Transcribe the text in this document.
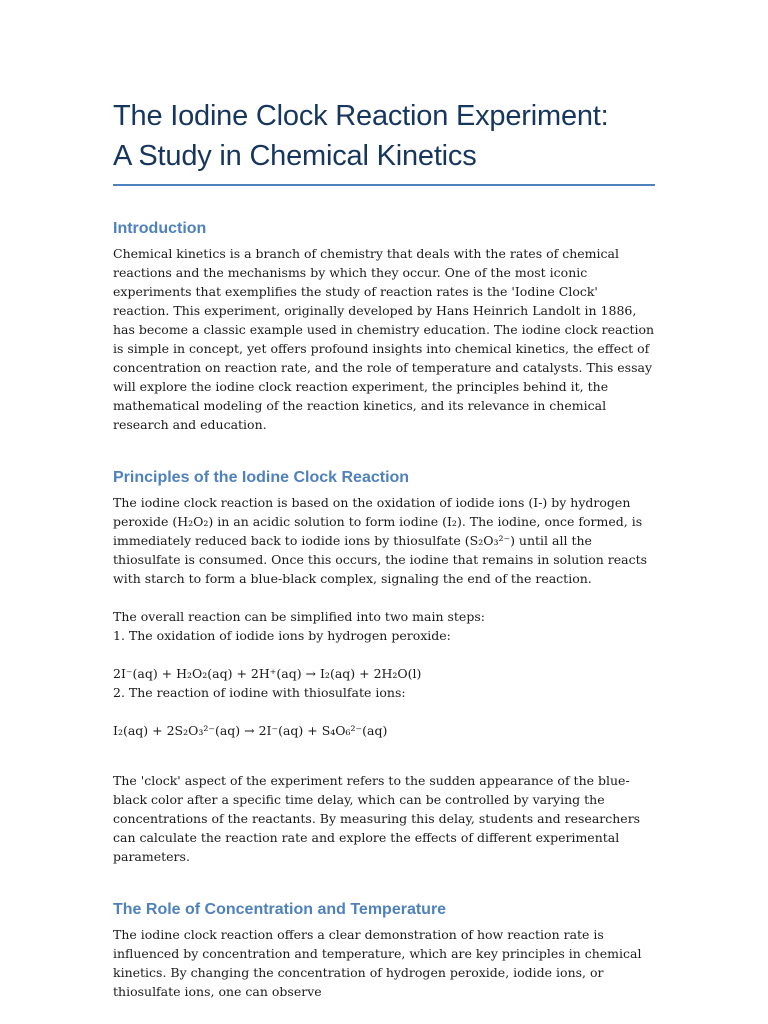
The Iodine Clock Reaction Experiment:
A Study in Chemical Kinetics
Introduction

Chemical kinetics is a branch of chemistry that deals with the rates of chemical reactions and the mechanisms by which they occur. One of the most iconic experiments that exemplifies the study of reaction rates is the 'Iodine Clock' reaction. This experiment, originally developed by Hans Heinrich Landolt in 1886, has become a classic example used in chemistry education. The iodine clock reaction is simple in concept, yet offers profound insights into chemical kinetics, the effect of concentration on reaction rate, and the role of temperature and catalysts. This essay will explore the iodine clock reaction experiment, the principles behind it, the mathematical modeling of the reaction kinetics, and its relevance in chemical research and education.

Principles of the Iodine Clock Reaction

The iodine clock reaction is based on the oxidation of iodide ions (I-) by hydrogen peroxide (H₂O₂) in an acidic solution to form iodine (I₂). The iodine, once formed, is immediately reduced back to iodide ions by thiosulfate (S₂O₃²⁻) until all the thiosulfate is consumed. Once this occurs, the iodine that remains in solution reacts with starch to form a blue-black complex, signaling the end of the reaction.

The overall reaction can be simplified into two main steps:

1. The oxidation of iodide ions by hydrogen peroxide:

2I⁻(aq) + H₂O₂(aq) + 2H⁺(aq) → I₂(aq) + 2H₂O(l)

2. The reaction of iodine with thiosulfate ions:

I₂(aq) + 2S₂O₃²⁻(aq) → 2I⁻(aq) + S₄O₆²⁻(aq)

The 'clock' aspect of the experiment refers to the sudden appearance of the blue-black color after a specific time delay, which can be controlled by varying the concentrations of the reactants. By measuring this delay, students and researchers can calculate the reaction rate and explore the effects of different experimental parameters.

The Role of Concentration and Temperature

The iodine clock reaction offers a clear demonstration of how reaction rate is influenced by concentration and temperature, which are key principles in chemical kinetics. By changing the concentration of hydrogen peroxide, iodide ions, or thiosulfate ions, one can observe
